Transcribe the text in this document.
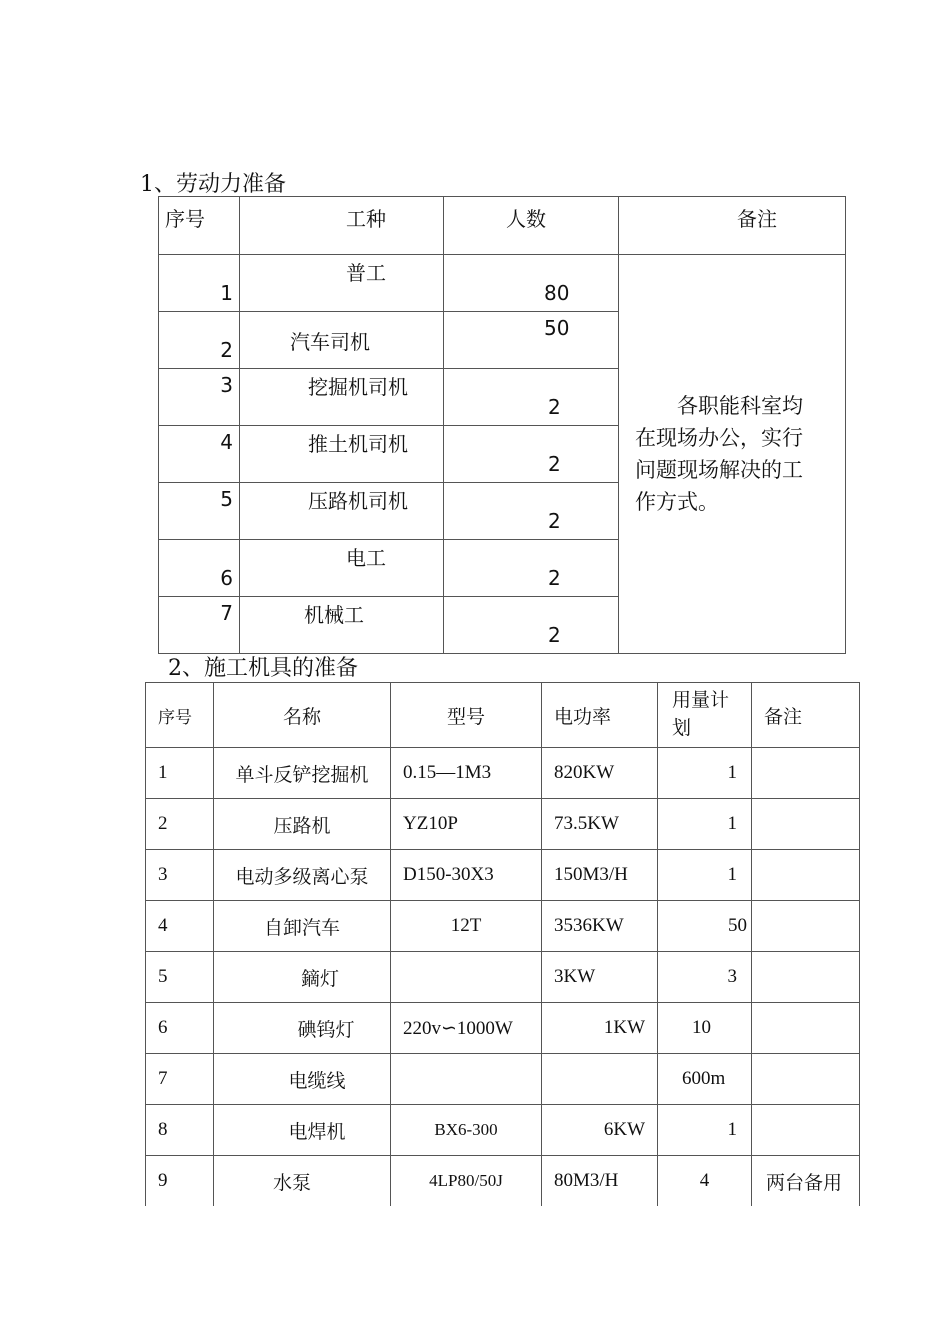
1、劳动力准备
序号	工种	人数	备注
1	普工	80	各职能科室均
在现场办公，实行
问题现场解决的工
作方式。

2	汽车司机	50	
3	挖掘机司机	2	
4	推土机司机	2	
5	压路机司机	2	
6	电工	2	
7	机械工	2	
2、施工机具的准备
序号	名称	型号	电功率	用量计划	备注
1	单斗反铲挖掘机	0.15—1M3	820KW	1	
2	压路机	YZ10P	73.5KW	1	
3	电动多级离心泵	D150-30X3	150M3/H	1	
4	自卸汽车	12T	3536KW	50	
5	鏑灯		3KW	3	
6	碘钨灯	220v∽1000W	1KW	10	
7	电缆线			600m	
8	电焊机	BX6-300	6KW	1	
9	水泵	4LP80/50J	80M3/H	4	两台备用
